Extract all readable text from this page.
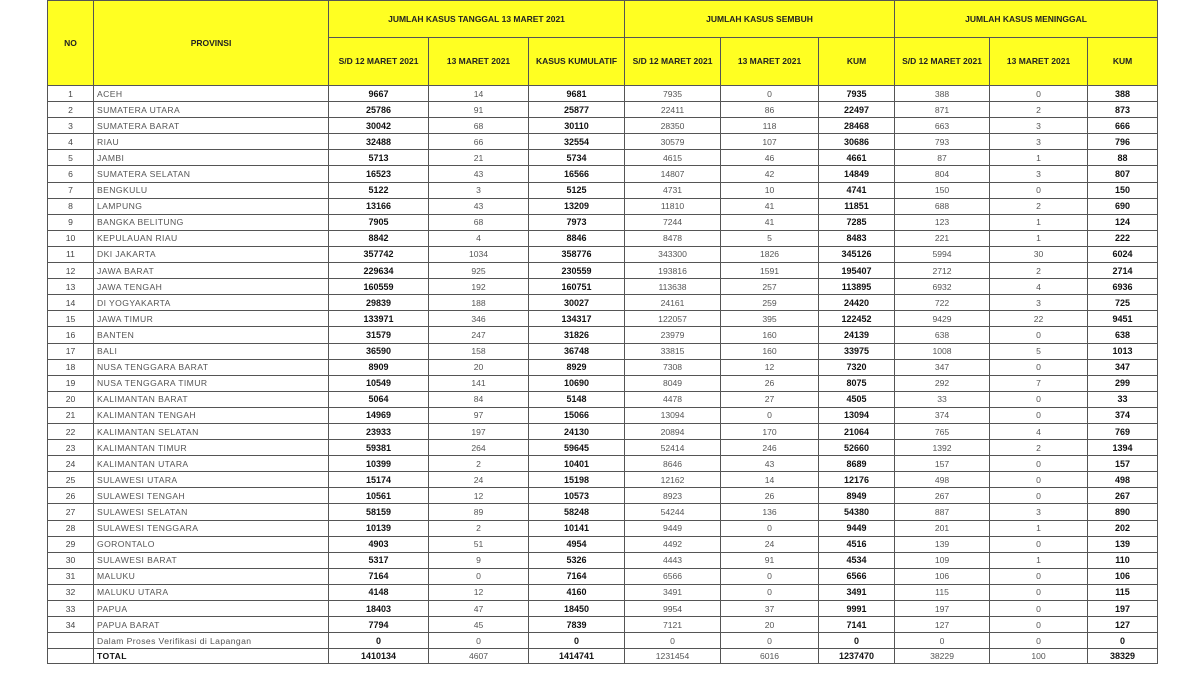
NO	PROVINSI	JUMLAH KASUS TANGGAL 13 MARET 2021			JUMLAH KASUS SEMBUH			JUMLAH KASUS MENINGGAL		
		S/D 12 MARET 2021	13 MARET 2021	KASUS KUMULATIF	S/D 12 MARET 2021	13 MARET 2021	KUM	S/D 12 MARET 2021	13 MARET 2021	KUM
1	ACEH	9667	14	9681	7935	0	7935	388	0	388
2	SUMATERA UTARA	25786	91	25877	22411	86	22497	871	2	873
3	SUMATERA BARAT	30042	68	30110	28350	118	28468	663	3	666
4	RIAU	32488	66	32554	30579	107	30686	793	3	796
5	JAMBI	5713	21	5734	4615	46	4661	87	1	88
6	SUMATERA SELATAN	16523	43	16566	14807	42	14849	804	3	807
7	BENGKULU	5122	3	5125	4731	10	4741	150	0	150
8	LAMPUNG	13166	43	13209	11810	41	11851	688	2	690
9	BANGKA BELITUNG	7905	68	7973	7244	41	7285	123	1	124
10	KEPULAUAN RIAU	8842	4	8846	8478	5	8483	221	1	222
11	DKI JAKARTA	357742	1034	358776	343300	1826	345126	5994	30	6024
12	JAWA BARAT	229634	925	230559	193816	1591	195407	2712	2	2714
13	JAWA TENGAH	160559	192	160751	113638	257	113895	6932	4	6936
14	DI YOGYAKARTA	29839	188	30027	24161	259	24420	722	3	725
15	JAWA TIMUR	133971	346	134317	122057	395	122452	9429	22	9451
16	BANTEN	31579	247	31826	23979	160	24139	638	0	638
17	BALI	36590	158	36748	33815	160	33975	1008	5	1013
18	NUSA TENGGARA BARAT	8909	20	8929	7308	12	7320	347	0	347
19	NUSA TENGGARA TIMUR	10549	141	10690	8049	26	8075	292	7	299
20	KALIMANTAN BARAT	5064	84	5148	4478	27	4505	33	0	33
21	KALIMANTAN TENGAH	14969	97	15066	13094	0	13094	374	0	374
22	KALIMANTAN SELATAN	23933	197	24130	20894	170	21064	765	4	769
23	KALIMANTAN TIMUR	59381	264	59645	52414	246	52660	1392	2	1394
24	KALIMANTAN UTARA	10399	2	10401	8646	43	8689	157	0	157
25	SULAWESI UTARA	15174	24	15198	12162	14	12176	498	0	498
26	SULAWESI TENGAH	10561	12	10573	8923	26	8949	267	0	267
27	SULAWESI SELATAN	58159	89	58248	54244	136	54380	887	3	890
28	SULAWESI TENGGARA	10139	2	10141	9449	0	9449	201	1	202
29	GORONTALO	4903	51	4954	4492	24	4516	139	0	139
30	SULAWESI BARAT	5317	9	5326	4443	91	4534	109	1	110
31	MALUKU	7164	0	7164	6566	0	6566	106	0	106
32	MALUKU UTARA	4148	12	4160	3491	0	3491	115	0	115
33	PAPUA	18403	47	18450	9954	37	9991	197	0	197
34	PAPUA BARAT	7794	45	7839	7121	20	7141	127	0	127
	Dalam Proses Verifikasi di Lapangan	0	0	0	0	0	0	0	0	0
	TOTAL	1410134	4607	1414741	1231454	6016	1237470	38229	100	38329
